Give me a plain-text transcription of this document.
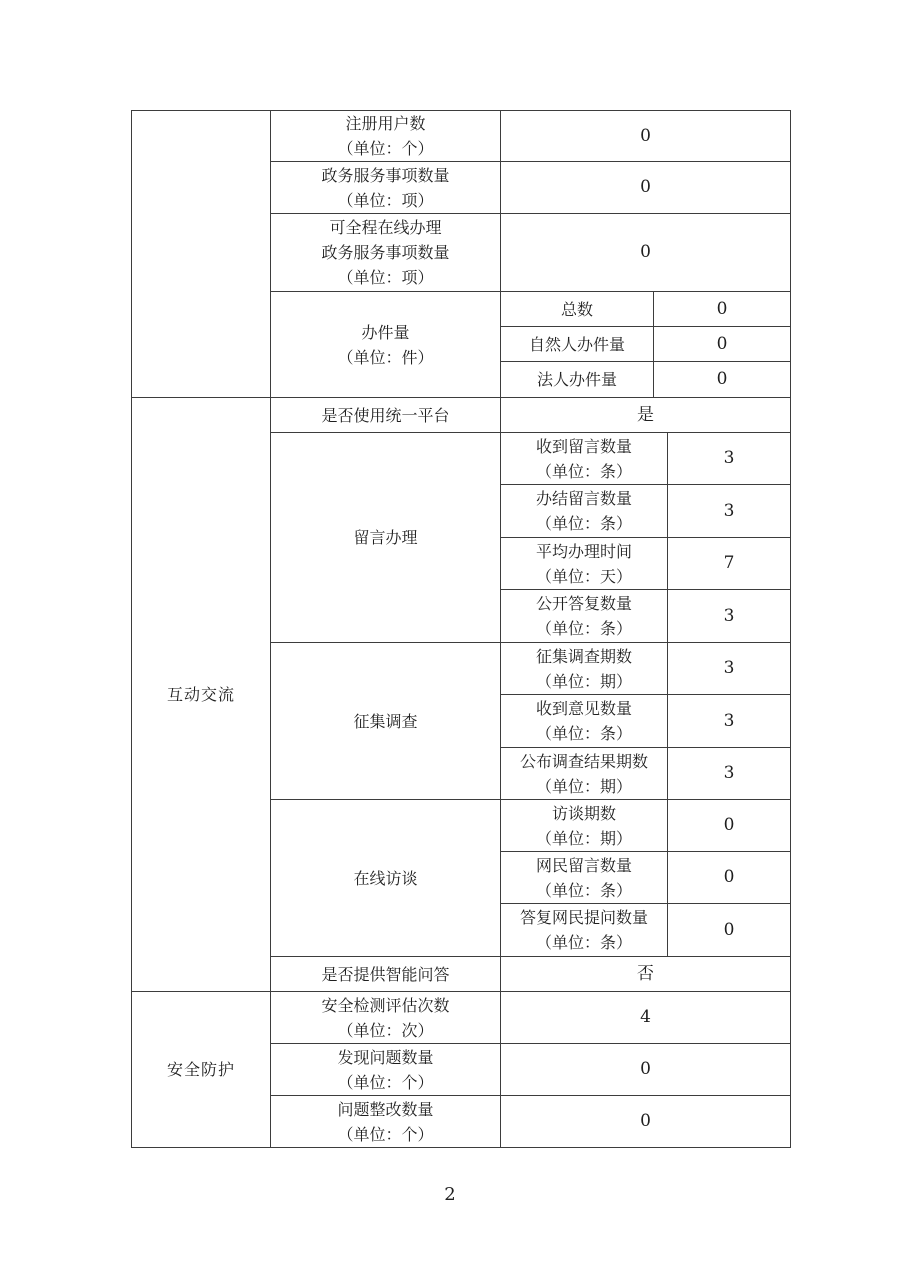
	注册用户数
（单位：个）	0	

	政务服务事项数量
（单位：项）	0	

	可全程在线办理
政务服务事项数量
（单位：项）	0	

	办件量
（单位：件）	总数	0
		自然人办件量	0
		法人办件量	0
互动交流	是否使用统一平台	是	
	留言办理	收到留言数量
（单位：条）	3

		办结留言数量
（单位：条）	3

		平均办理时间
（单位：天）	7

		公开答复数量
（单位：条）	3
	征集调查	征集调查期数
（单位：期）	3

		收到意见数量
（单位：条）	3

		公布调查结果期数
（单位：期）	3
	在线访谈	访谈期数
（单位：期）	0

		网民留言数量
（单位：条）	0

		答复网民提问数量
（单位：条）	0
	是否提供智能问答	否	
安全防护	安全检测评估次数
（单位：次）	4

	发现问题数量
（单位：个）	0

	问题整改数量
（单位：个）	0
2
